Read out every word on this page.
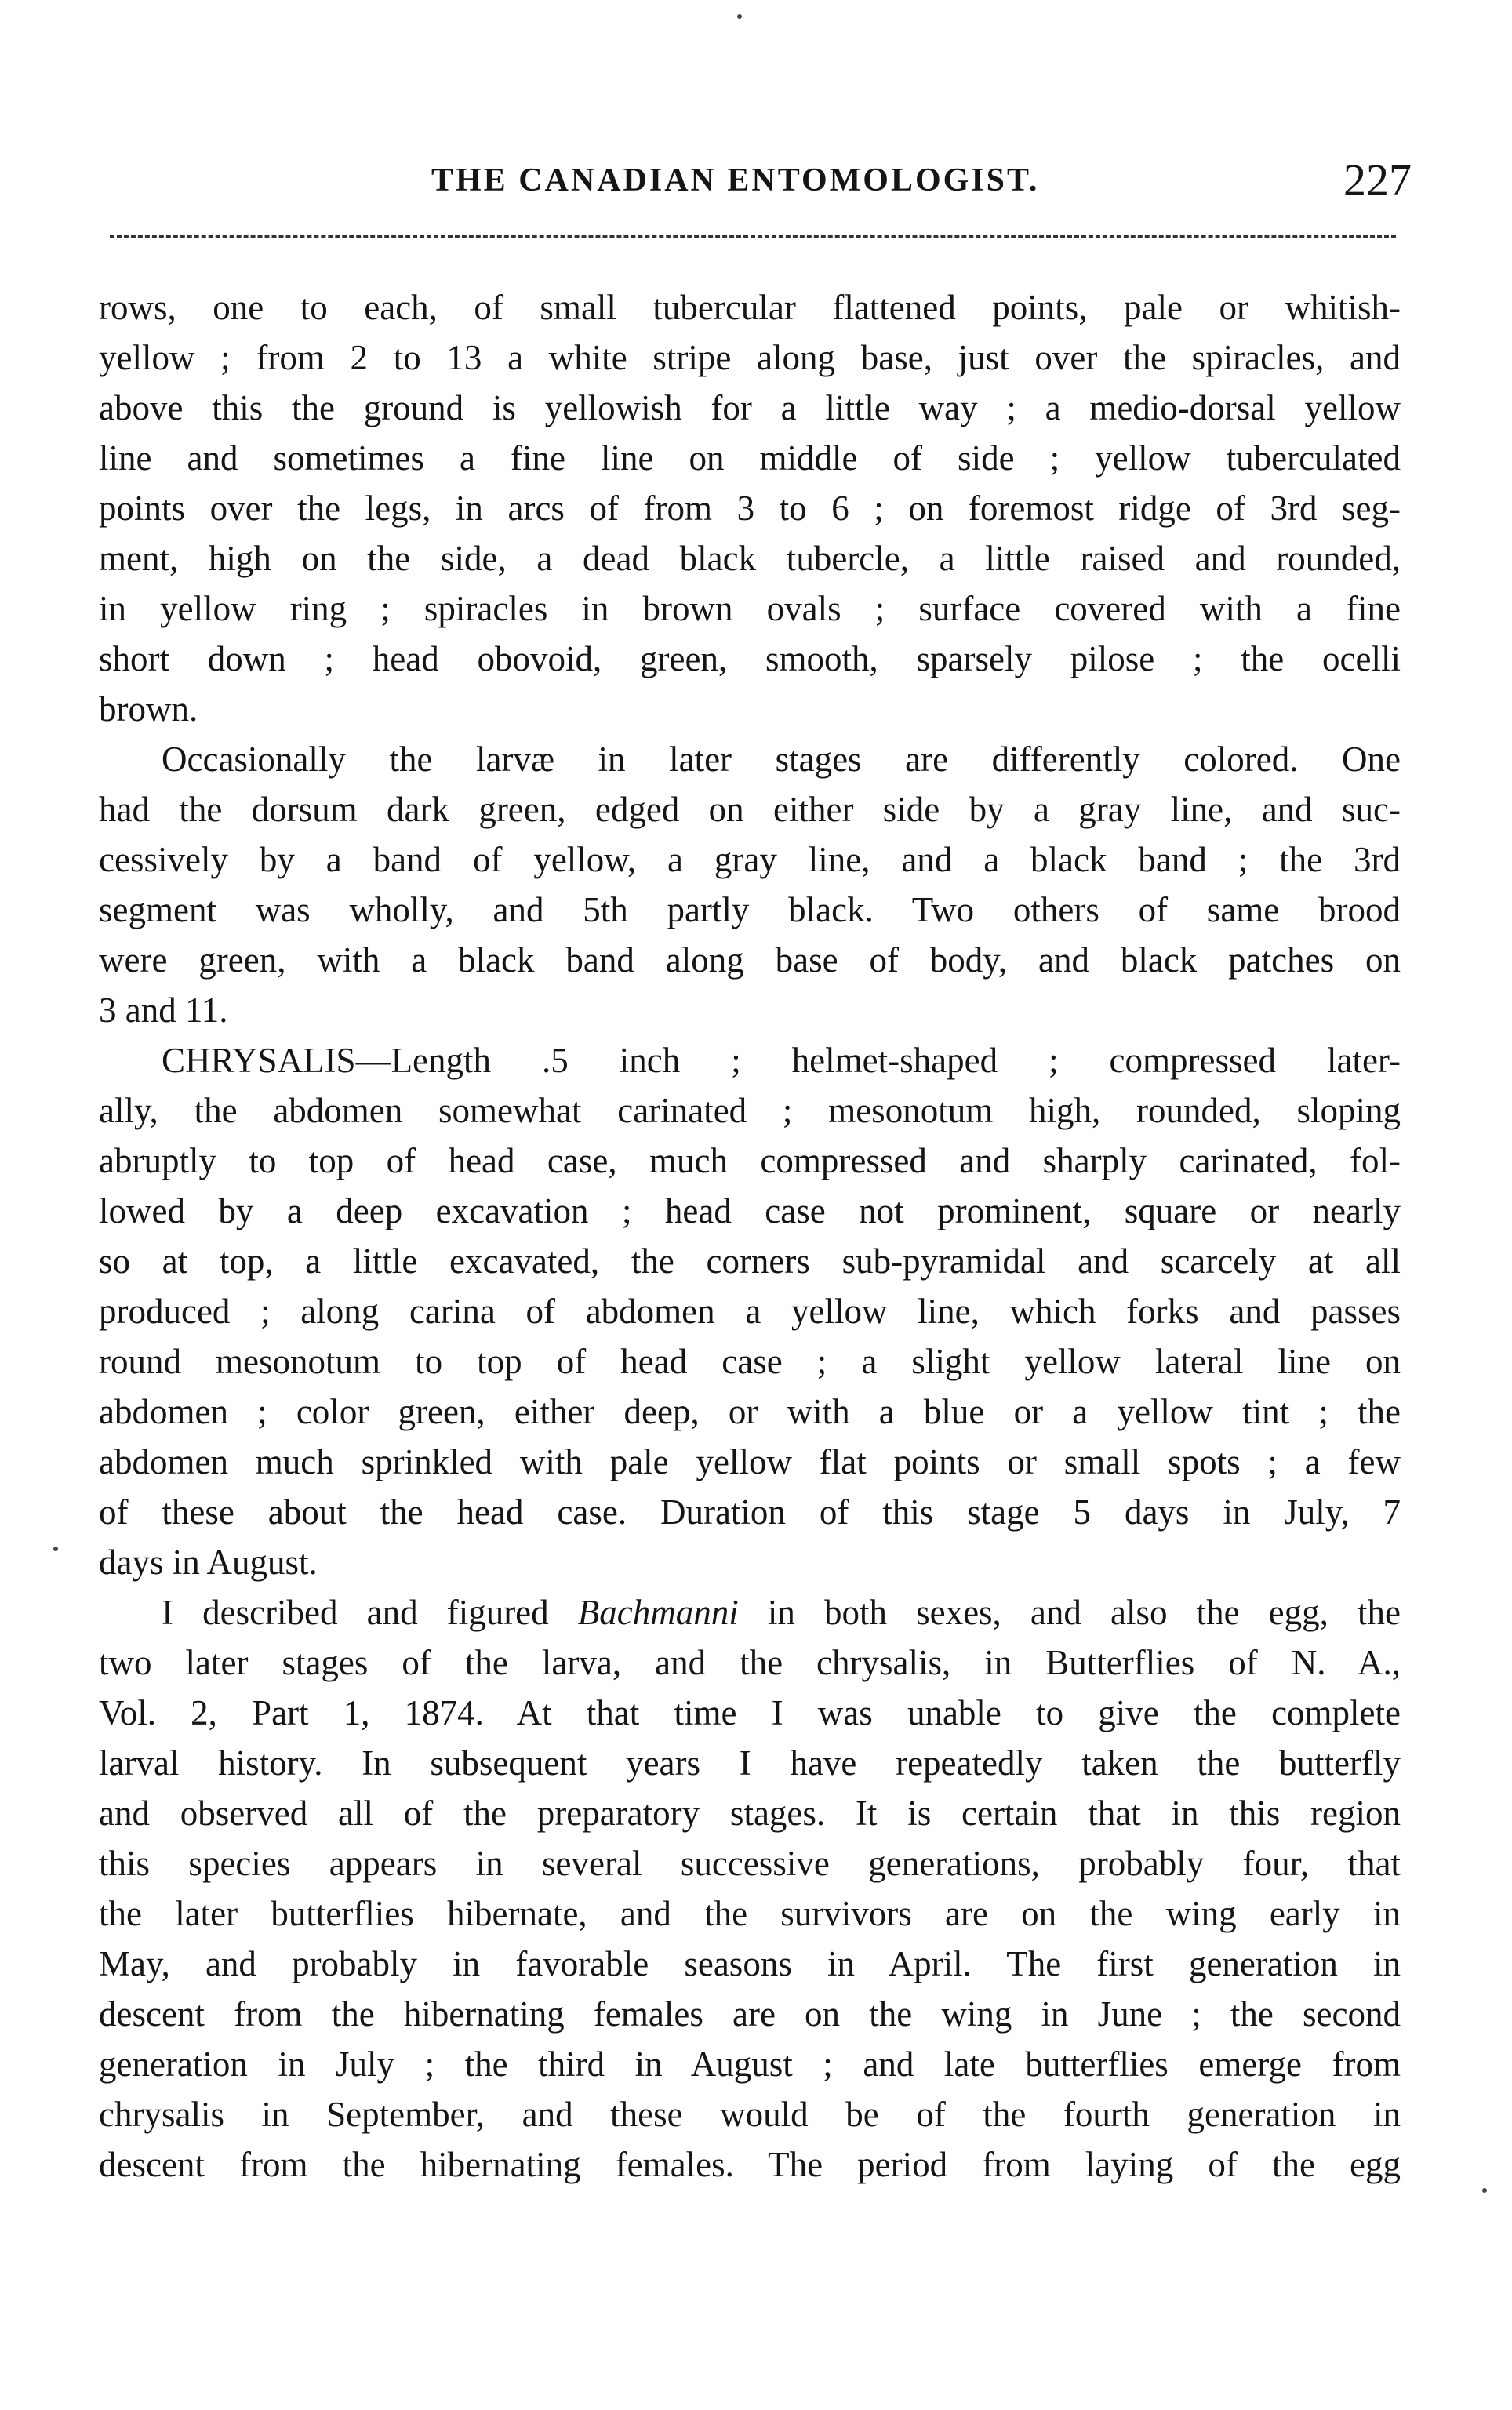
THE CANADIAN ENTOMOLOGIST.	227

rows, one to each, of small tubercular flattened points, pale or whitish-
yellow ; from 2 to 13 a white stripe along base, just over the spiracles, and
above this the ground is yellowish for a little way ; a medio-dorsal yellow
line and sometimes a fine line on middle of side ; yellow tuberculated
points over the legs, in arcs of from 3 to 6 ; on foremost ridge of 3rd seg-
ment, high on the side, a dead black tubercle, a little raised and rounded,
in yellow ring ; spiracles in brown ovals ; surface covered with a fine
short down ; head obovoid, green, smooth, sparsely pilose ; the ocelli
brown.

Occasionally the larvæ in later stages are differently colored. One
had the dorsum dark green, edged on either side by a gray line, and suc-
cessively by a band of yellow, a gray line, and a black band ; the 3rd
segment was wholly, and 5th partly black. Two others of same brood
were green, with a black band along base of body, and black patches on
3 and 11.

CHRYSALIS—Length .5 inch ; helmet-shaped ; compressed later-
ally, the abdomen somewhat carinated ; mesonotum high, rounded, sloping
abruptly to top of head case, much compressed and sharply carinated, fol-
lowed by a deep excavation ; head case not prominent, square or nearly
so at top, a little excavated, the corners sub-pyramidal and scarcely at all
produced ; along carina of abdomen a yellow line, which forks and passes
round mesonotum to top of head case ; a slight yellow lateral line on
abdomen ; color green, either deep, or with a blue or a yellow tint ; the
abdomen much sprinkled with pale yellow flat points or small spots ; a few
of these about the head case. Duration of this stage 5 days in July, 7
days in August.

I described and figured Bachmanni in both sexes, and also the egg, the
two later stages of the larva, and the chrysalis, in Butterflies of N. A.,
Vol. 2, Part 1, 1874. At that time I was unable to give the complete
larval history. In subsequent years I have repeatedly taken the butterfly
and observed all of the preparatory stages. It is certain that in this region
this species appears in several successive generations, probably four, that
the later butterflies hibernate, and the survivors are on the wing early in
May, and probably in favorable seasons in April. The first generation in
descent from the hibernating females are on the wing in June ; the second
generation in July ; the third in August ; and late butterflies emerge from
chrysalis in September, and these would be of the fourth generation in
descent from the hibernating females. The period from laying of the egg
